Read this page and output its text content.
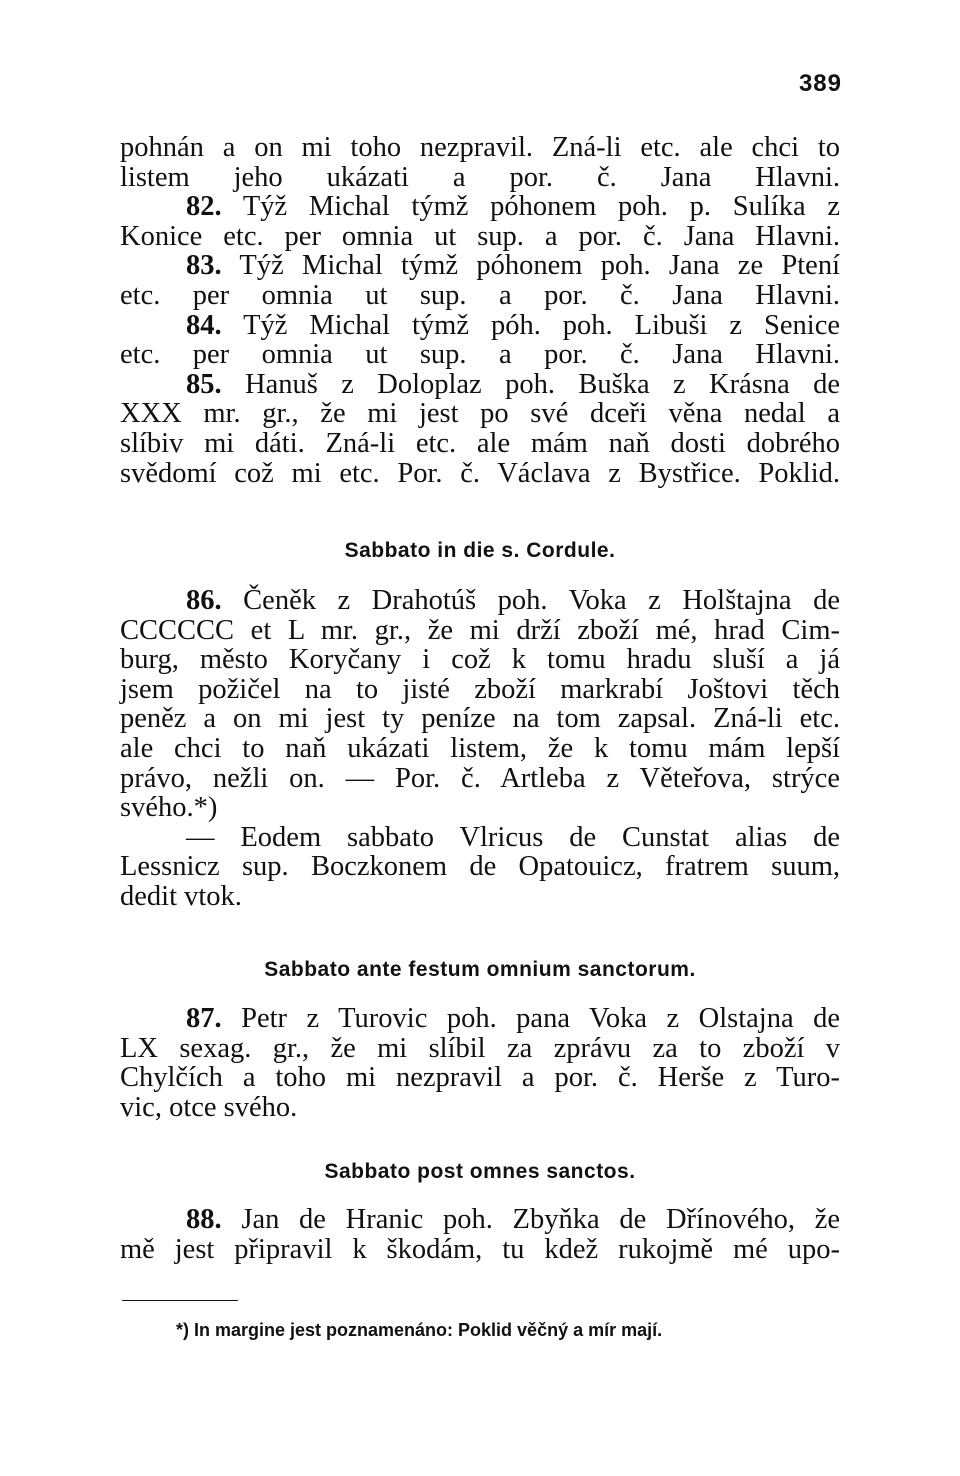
389
pohnán a on mi toho nezpravil. Zná-li etc. ale chci to
listem jeho ukázati a por. č. Jana Hlavni.
82. Týž Michal týmž póhonem poh. p. Sulíka z
Konice etc. per omnia ut sup. a por. č. Jana Hlavni.
83. Týž Michal týmž póhonem poh. Jana ze Ptení
etc. per omnia ut sup. a por. č. Jana Hlavni.
84. Týž Michal týmž póh. poh. Libuši z Senice
etc. per omnia ut sup. a por. č. Jana Hlavni.
85. Hanuš z Doloplaz poh. Buška z Krásna de
XXX mr. gr., že mi jest po své dceři věna nedal a
slíbiv mi dáti. Zná-li etc. ale mám naň dosti dobrého
svědomí což mi etc. Por. č. Václava z Bystřice. Poklid.
Sabbato in die s. Cordule.
86. Čeněk z Drahotúš poh. Voka z Holštajna de
CCCCCC et L mr. gr., že mi drží zboží mé, hrad Cim-
burg, město Koryčany i což k tomu hradu sluší a já
jsem požičel na to jisté zboží markrabí Joštovi těch
peněz a on mi jest ty peníze na tom zapsal. Zná-li etc.
ale chci to naň ukázati listem, že k tomu mám lepší
právo, nežli on. — Por. č. Artleba z Věteřova, strýce
svého.*)
— Eodem sabbato Vlricus de Cunstat alias de
Lessnicz sup. Boczkonem de Opatouicz, fratrem suum,
dedit vtok.
Sabbato ante festum omnium sanctorum.
87. Petr z Turovic poh. pana Voka z Olstajna de
LX sexag. gr., že mi slíbil za zprávu za to zboží v
Chylčích a toho mi nezpravil a por. č. Herše z Turo-
vic, otce svého.
Sabbato post omnes sanctos.
88. Jan de Hranic poh. Zbyňka de Dřínového, že
mě jest připravil k škodám, tu kdež rukojmě mé upo-
*) In margine jest poznamenáno: Poklid věčný a mír mají.
